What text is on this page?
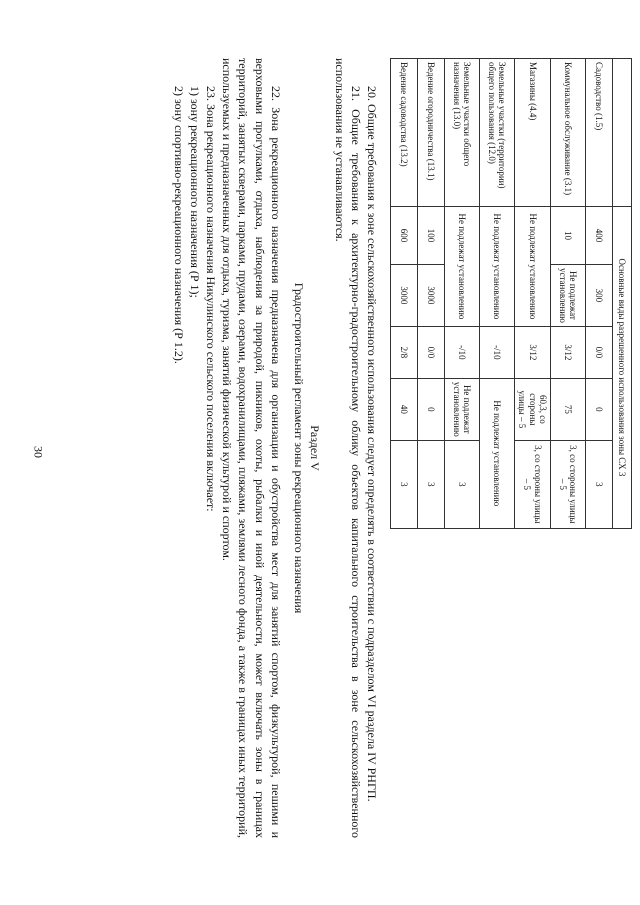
30
		Основные виды разрешенного использования зоны СХ 3				
Садоводство (1.5)	400	300	0/0	0	3
Коммунальное обслуживание (3.1)	10	Не подлежат установлению	3/12	75	3, со стороны улицы – 5
Магазины (4.4)	Не подлежат установлению		3/12	60,3, со стороны улицы – 5	3, со стороны улицы – 5
Земельные участки (территории) общего пользования (12.0)	Не подлежат установлению		-/10	Не подлежат установлению	
Земельные участки общего назначения (13.0)	Не подлежат установлению		-/10	Не подлежат установлению	3
Ведение огородничества (13.1)	100	3000	0/0	0	3
Ведение садоводства (13.2)	600	3000	2/8	40	3

20. Общие требования к зоне сельскохозяйственного использования следует определять в соответствии с подразделом VI раздела IV РНГП.

21. Общие требования к архитектурно-градостроительному облику объектов капитального строительства в зоне сельскохозяйственного использования не устанавливаются.

Раздел V

Градостроительный регламент зоны рекреационного назначения

22. Зона рекреационного назначения предназначена для организации и обустройства мест для занятий спортом, физкультурой, пешими и верховыми прогулками, отдыха, наблюдения за природой, пикников, охоты, рыбалки и иной деятельности, может включать зоны в границах территорий, занятых скверами, парками, прудами, озерами, водохранилищами, пляжами, землями лесного фонда, а также в границах иных территорий, используемых и предназначенных для отдыха, туризма, занятий физической культурой и спортом.

23. Зона рекреационного назначения Никулинского сельского поселения включает:

1) зону рекреационного назначения (Р 1);

2) зону спортивно-рекреационного назначения (Р 1.2).
